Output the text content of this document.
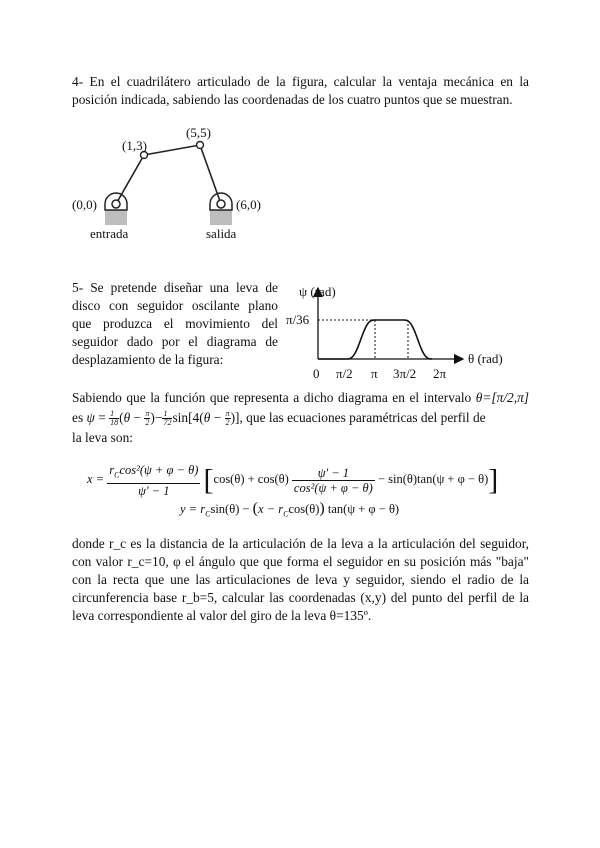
4- En el cuadrilátero articulado de la figura, calcular la ventaja mecánica en la
posición indicada, sabiendo las coordenadas de los cuatro puntos que se muestran.

(0,0)
(1,3)
(5,5)
(6,0)
entrada	salida

5- Se pretende diseñar una leva de
disco con seguidor oscilante plano
que produzca el movimiento del
seguidor dado por el diagrama de
desplazamiento de la figura:

ψ (rad)
π/36
θ (rad)
0 π/2 π 3π/2 2π
Sabiendo que la función que representa a dicho diagrama en el intervalo θ=[π/2,π]
es $\psi = \frac{1}{18} (\theta - \frac{\pi}{2}$ )− $\frac{1}{72} \sin[4(\theta - \frac{\pi}{2}$ )], que las ecuaciones paramétricas del perfil de
la leva son:
$x = \frac{r_C\cos^2(\psi + \varphi - \theta)}{\psi' - 1} [\cos(\theta) + \cos(\theta) \frac{\psi' - 1}{\text{cos²(ψ + φ − θ)}} - \sin(\theta)\tan(\psi + \varphi - \theta)]$
$y = r_C\sin(\theta) - (x - r_C\cos(\theta)) \tan(\psi + \varphi - \theta)$

donde r_c es la distancia de la articulación de la leva a la articulación del seguidor,
con valor r_c=10, φ el ángulo que que forma el seguidor en su posición más "baja"
con la recta que une las articulaciones de leva y seguidor, siendo el radio de la
circunferencia base r_b=5, calcular las coordenadas (x,y) del punto del perfil de la
leva correspondiente al valor del giro de la leva θ=135º.
